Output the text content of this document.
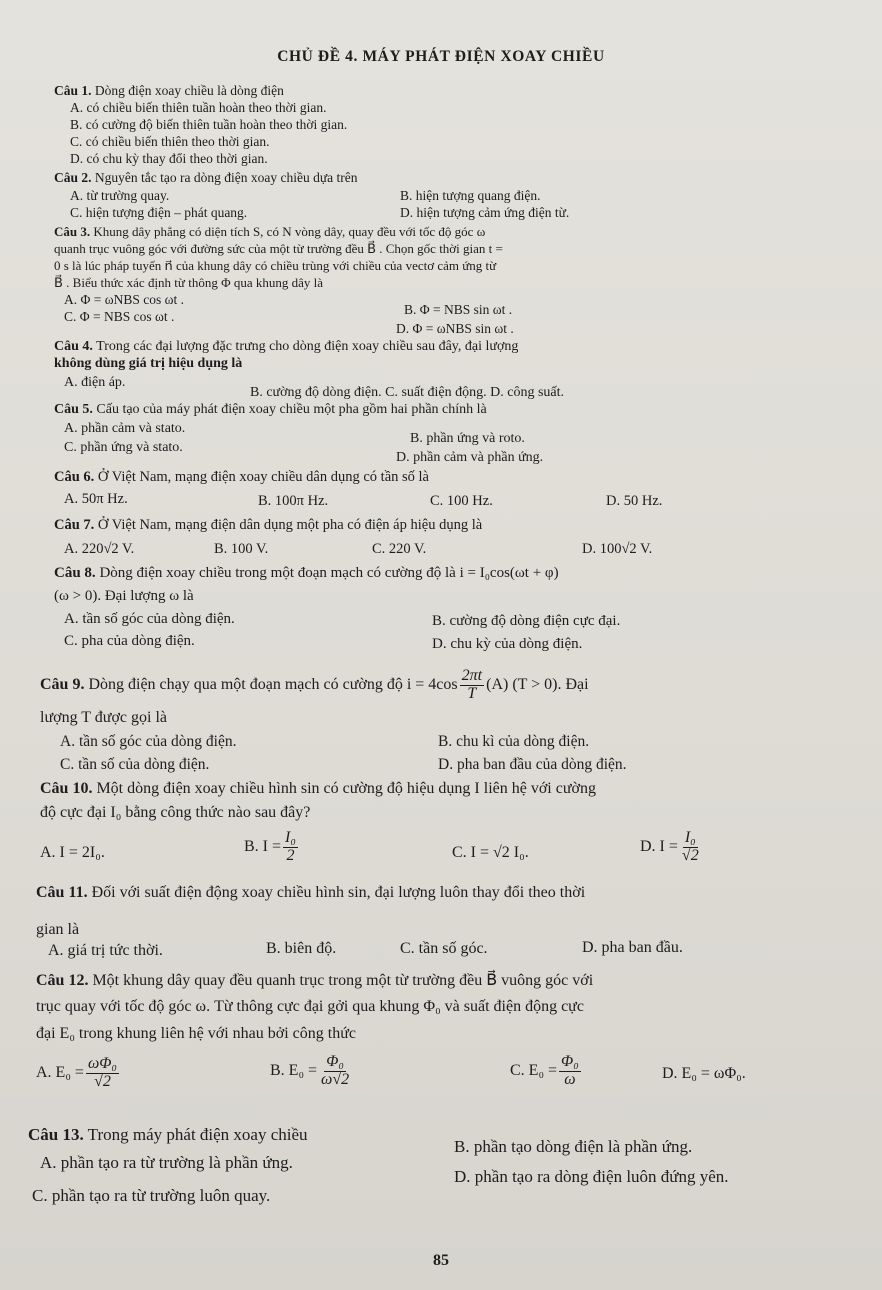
CHỦ ĐỀ 4. MÁY PHÁT ĐIỆN XOAY CHIỀU
Câu 1. Dòng điện xoay chiều là dòng điện
A. có chiều biến thiên tuần hoàn theo thời gian.
B. có cường độ biến thiên tuần hoàn theo thời gian.
C. có chiều biến thiên theo thời gian.
D. có chu kỳ thay đổi theo thời gian.
Câu 2. Nguyên tắc tạo ra dòng điện xoay chiều dựa trên
A. từ trường quay.	B. hiện tượng quang điện.
C. hiện tượng điện – phát quang.	D. hiện tượng cảm ứng điện từ.
Câu 3. Khung dây phẳng có diện tích S, có N vòng dây, quay đều với tốc độ góc ω
quanh trục vuông góc với đường sức của một từ trường đều B⃗ . Chọn gốc thời gian t =
0 s là lúc pháp tuyến n⃗ của khung dây có chiều trùng với chiều của vectơ cảm ứng từ
B⃗ . Biểu thức xác định từ thông Φ qua khung dây là
A. Φ = ωNBS cos ωt .
B. Φ = NBS sin ωt .
C. Φ = NBS cos ωt .
D. Φ = ωNBS sin ωt .
Câu 4. Trong các đại lượng đặc trưng cho dòng điện xoay chiều sau đây, đại lượng
không dùng giá trị hiệu dụng là
A. điện áp.
B. cường độ dòng điện. C. suất điện động. D. công suất.
Câu 5. Cấu tạo của máy phát điện xoay chiều một pha gồm hai phần chính là
A. phần cảm và stato.
B. phần ứng và roto.
C. phần ứng và stato.
D. phần cảm và phần ứng.
Câu 6. Ở Việt Nam, mạng điện xoay chiều dân dụng có tần số là
A. 50π Hz.	B. 100π Hz.	C. 100 Hz.	D. 50 Hz.
Câu 7. Ở Việt Nam, mạng điện dân dụng một pha có điện áp hiệu dụng là
A. 220√2 V.	B. 100 V.	C. 220 V.	D. 100√2 V.
Câu 8. Dòng điện xoay chiều trong một đoạn mạch có cường độ là i = I₀cos(ωt + φ)
(ω > 0). Đại lượng ω là
A. tần số góc của dòng điện.	B. cường độ dòng điện cực đại.
C. pha của dòng điện.	D. chu kỳ của dòng điện.
Câu 9. Dòng điện chạy qua một đoạn mạch có cường độ $i = 4\cos \frac{2\pi t}{T} (A) (T > 0)$. Đại
lượng T được gọi là
A. tần số góc của dòng điện.	B. chu kì của dòng điện.
C. tần số của dòng điện.	D. pha ban đầu của dòng điện.
Câu 10. Một dòng điện xoay chiều hình sin có cường độ hiệu dụng I liên hệ với cường
độ cực đại I₀ bằng công thức nào sau đây?
A. I = 2I₀.	B. $I = \frac{\text{I₀}}{2}$	C. I = √2 I₀.	D. $I = \frac{\text{I₀}}{√2}$
Câu 11. Đối với suất điện động xoay chiều hình sin, đại lượng luôn thay đổi theo thời
gian là
A. giá trị tức thời.	B. biên độ.	C. tần số góc.	D. pha ban đầu.
Câu 12. Một khung dây quay đều quanh trục trong một từ trường đều B⃗ vuông góc với
trục quay với tốc độ góc ω. Từ thông cực đại gởi qua khung Φ₀ và suất điện động cực
đại E₀ trong khung liên hệ với nhau bởi công thức
A. $E_0 = \frac{\text{ωΦ₀}}{√2}$	B. $E_0 = \frac{\text{Φ₀}}{\omega√2}$	C. $E_0 = \frac{\text{Φ₀}}{\omega}$	D. E₀ = ωΦ₀.
Câu 13. Trong máy phát điện xoay chiều
A. phần tạo ra từ trường là phần ứng.
B. phần tạo dòng điện là phần ứng.
C. phần tạo ra từ trường luôn quay.
D. phần tạo ra dòng điện luôn đứng yên.
85
